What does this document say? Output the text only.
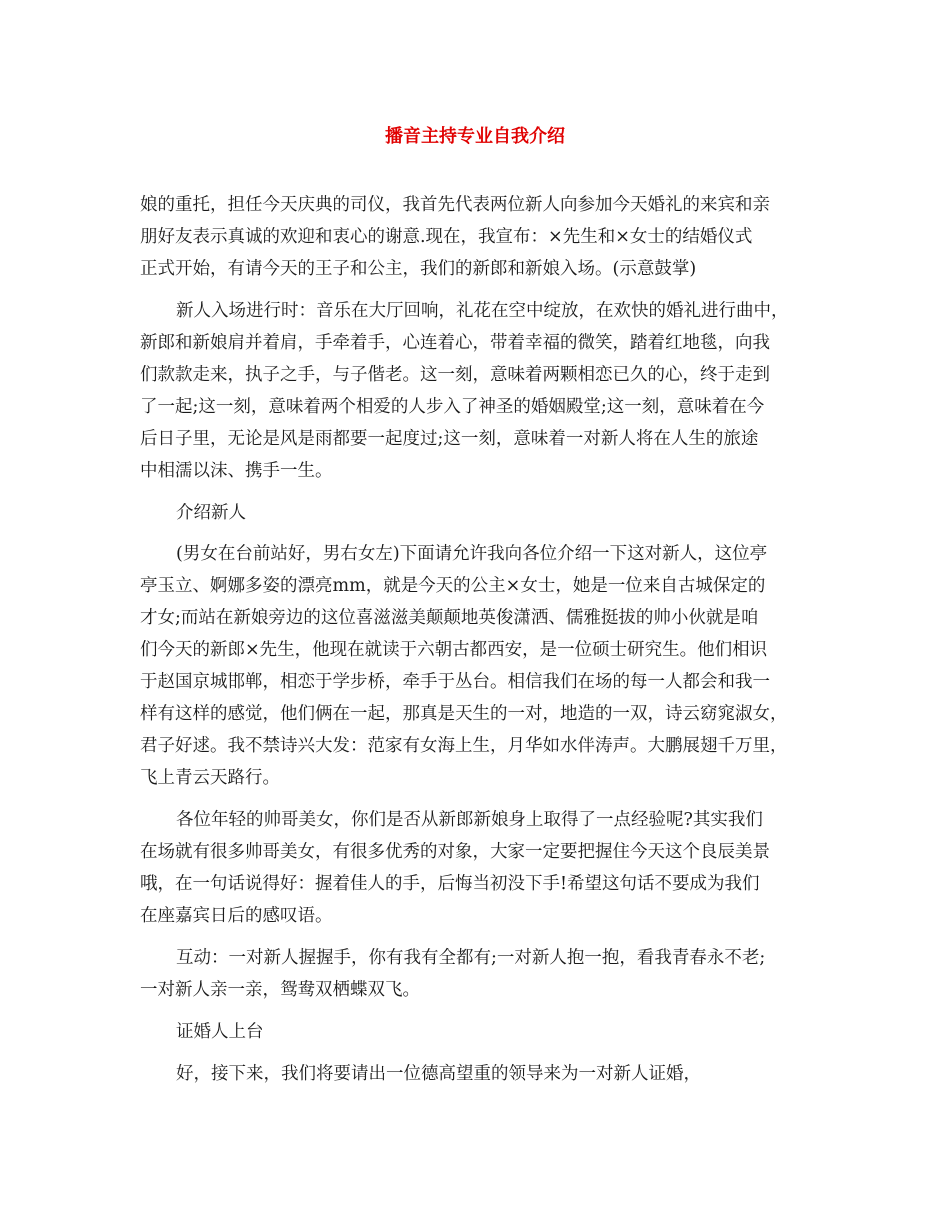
播音主持专业自我介绍
娘的重托，担任今天庆典的司仪，我首先代表两位新人向参加今天婚礼的来宾和亲
朋好友表示真诚的欢迎和衷心的谢意.现在，我宣布：×先生和×女士的结婚仪式
正式开始，有请今天的王子和公主，我们的新郎和新娘入场。(示意鼓掌)
新人入场进行时：音乐在大厅回响，礼花在空中绽放，在欢快的婚礼进行曲中，
新郎和新娘肩并着肩，手牵着手，心连着心，带着幸福的微笑，踏着红地毯，向我
们款款走来，执子之手，与子偕老。这一刻，意味着两颗相恋已久的心，终于走到
了一起;这一刻，意味着两个相爱的人步入了神圣的婚姻殿堂;这一刻，意味着在今
后日子里，无论是风是雨都要一起度过;这一刻，意味着一对新人将在人生的旅途
中相濡以沫、携手一生。
介绍新人
(男女在台前站好，男右女左)下面请允许我向各位介绍一下这对新人，这位亭
亭玉立、婀娜多姿的漂亮mm，就是今天的公主×女士，她是一位来自古城保定的
才女;而站在新娘旁边的这位喜滋滋美颠颠地英俊潇洒、儒雅挺拔的帅小伙就是咱
们今天的新郎×先生，他现在就读于六朝古都西安，是一位硕士研究生。他们相识
于赵国京城邯郸，相恋于学步桥，牵手于丛台。相信我们在场的每一人都会和我一
样有这样的感觉，他们俩在一起，那真是天生的一对，地造的一双，诗云窈窕淑女，
君子好逑。我不禁诗兴大发：范家有女海上生，月华如水伴涛声。大鹏展翅千万里，
飞上青云天路行。
各位年轻的帅哥美女，你们是否从新郎新娘身上取得了一点经验呢?其实我们
在场就有很多帅哥美女，有很多优秀的对象，大家一定要把握住今天这个良辰美景
哦，在一句话说得好：握着佳人的手，后悔当初没下手!希望这句话不要成为我们
在座嘉宾日后的感叹语。
互动：一对新人握握手，你有我有全都有;一对新人抱一抱，看我青春永不老;
一对新人亲一亲，鸳鸯双栖蝶双飞。
证婚人上台
好，接下来，我们将要请出一位德高望重的领导来为一对新人证婚，
